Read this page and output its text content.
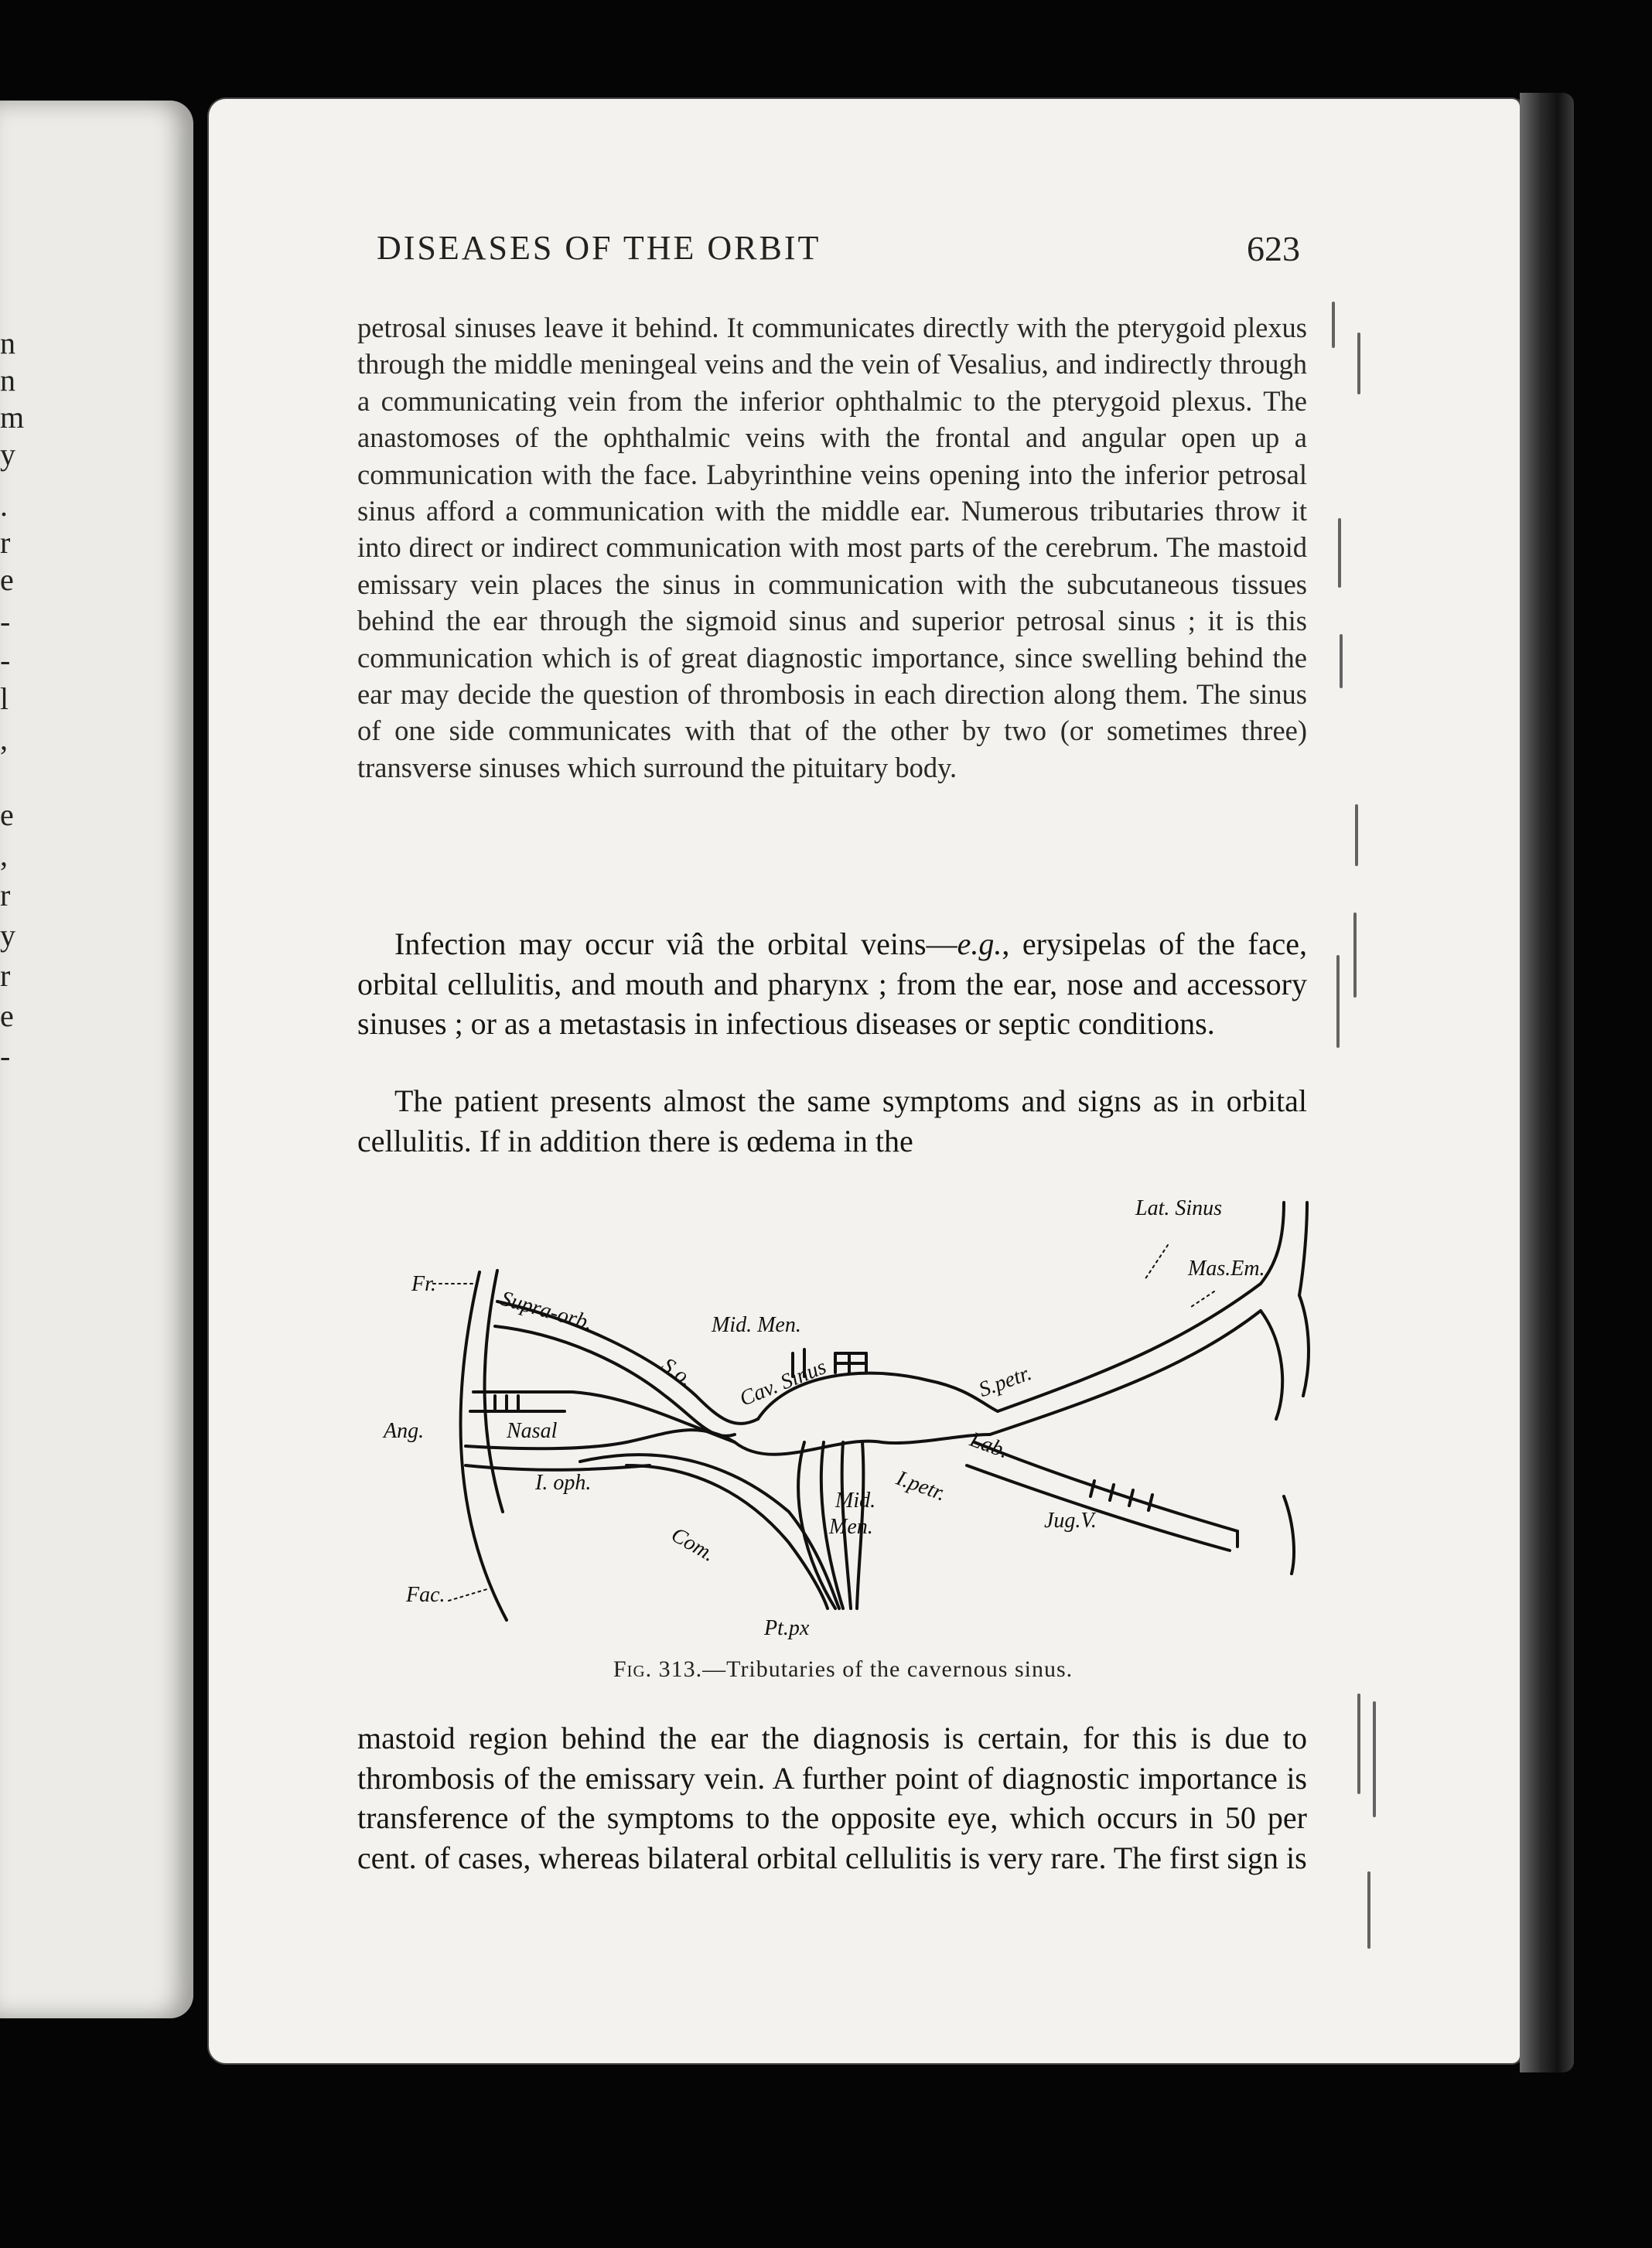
n
n
m
y
.
r
e
-
-
l
,
e
,
r
y
r
e
-
DISEASES OF THE ORBIT	623

petrosal sinuses leave it behind. It communicates directly with the pterygoid plexus through the middle meningeal veins and the vein of Vesalius, and indirectly through a communicating vein from the inferior ophthalmic to the pterygoid plexus. The anastomoses of the ophthalmic veins with the frontal and angular open up a communication with the face. Labyrinthine veins opening into the inferior petrosal sinus afford a communication with the middle ear. Numerous tributaries throw it into direct or indirect communication with most parts of the cerebrum. The mastoid emissary vein places the sinus in communication with the subcutaneous tissues behind the ear through the sigmoid sinus and superior petrosal sinus ; it is this communication which is of great diagnostic importance, since swelling behind the ear may decide the question of thrombosis in each direction along them. The sinus of one side communicates with that of the other by two (or sometimes three) transverse sinuses which surround the pituitary body.

Infection may occur viâ the orbital veins—e.g., erysipelas of the face, orbital cellulitis, and mouth and pharynx ; from the ear, nose and accessory sinuses ; or as a metastasis in infectious diseases or septic conditions.

The patient presents almost the same symptoms and signs as in orbital cellulitis. If in addition there is œdema in the

Fr.
Supra-orb.
S.o.
Mid. Men.
Cav. Sinus	S.petr.
Lat. Sinus
Mas.Em.
Ang.	Nasal	Lab.
I. oph.	I.petr.
Mid.
Men.	Jug.V.
Com.
Fac.
Pt.px
Fig. 313.—Tributaries of the cavernous sinus.

mastoid region behind the ear the diagnosis is certain, for this is due to thrombosis of the emissary vein. A further point of diagnostic importance is transference of the symptoms to the opposite eye, which occurs in 50 per cent. of cases, whereas bilateral orbital cellulitis is very rare. The first sign is
